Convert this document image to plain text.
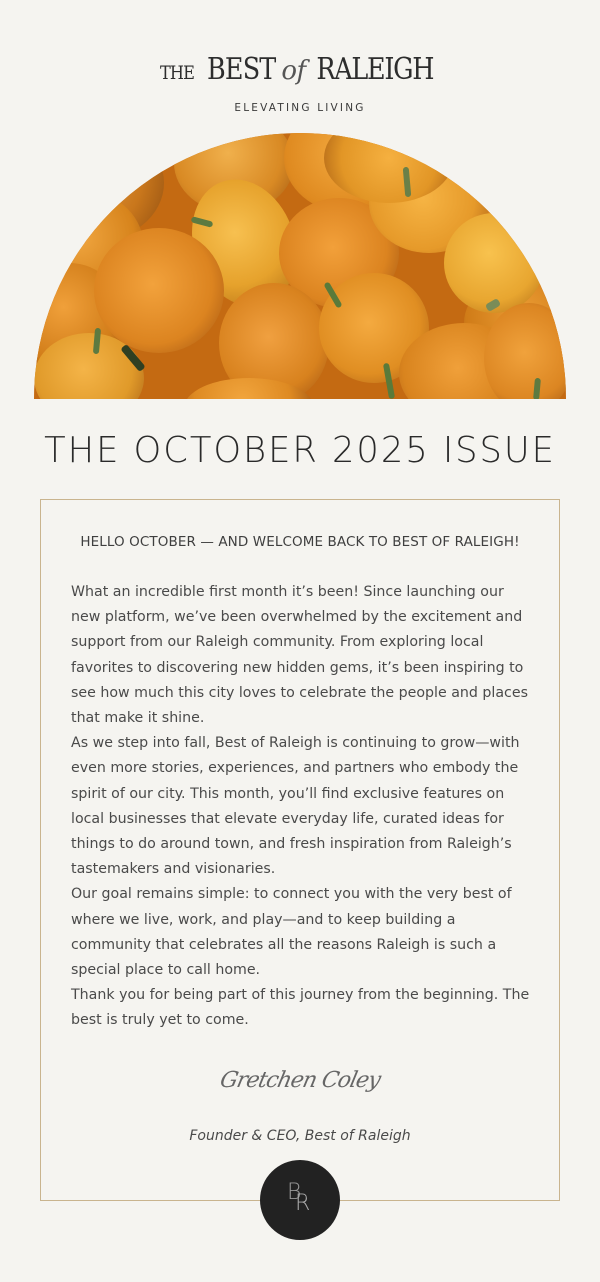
THE BEST of RALEIGH
ELEVATING LIVING
THE OCTOBER 2025 ISSUE
HELLO OCTOBER — AND WELCOME BACK TO BEST OF RALEIGH!

What an incredible first month it’s been! Since launching our new platform, we’ve been overwhelmed by the excitement and support from our Raleigh community. From exploring local favorites to discovering new hidden gems, it’s been inspiring to see how much this city loves to celebrate the people and places that make it shine.

As we step into fall, Best of Raleigh is continuing to grow—with even more stories, experiences, and partners who embody the spirit of our city. This month, you’ll find exclusive features on local businesses that elevate everyday life, curated ideas for things to do around town, and fresh inspiration from Raleigh’s tastemakers and visionaries.

Our goal remains simple: to connect you with the very best of where we live, work, and play—and to keep building a community that celebrates all the reasons Raleigh is such a special place to call home.

Thank you for being part of this journey from the beginning. The best is truly yet to come.

Gretchen Coley
Founder & CEO, Best of Raleigh
B
R
